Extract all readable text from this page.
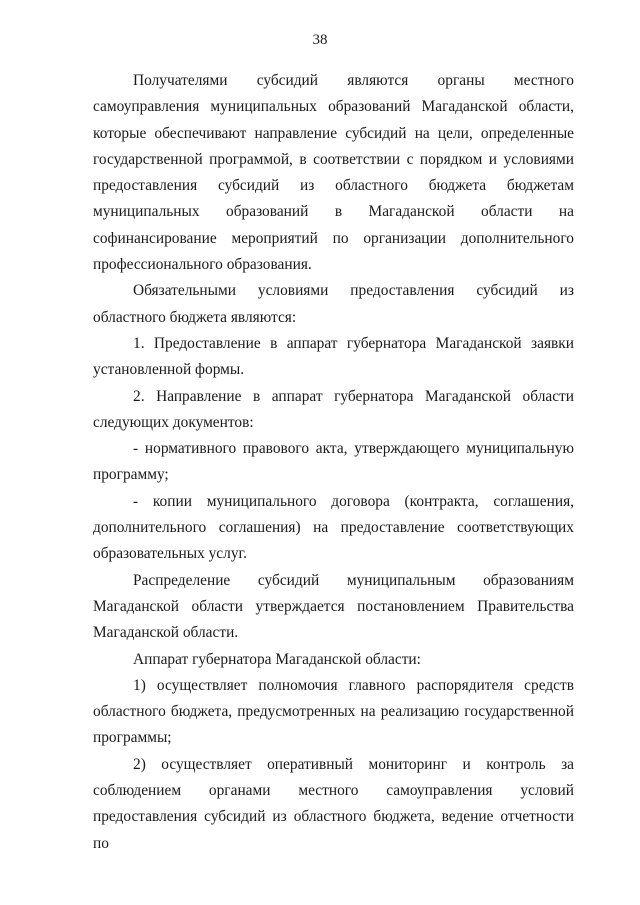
38

Получателями субсидий являются органы местного самоуправления муниципальных образований Магаданской области, которые обеспечивают направление субсидий на цели, определенные государственной программой, в соответствии с порядком и условиями предоставления субсидий из областного бюджета бюджетам муниципальных образований в Магаданской области на софинансирование мероприятий по организации дополнительного профессионального образования.

Обязательными условиями предоставления субсидий из областного бюджета являются:

1. Предоставление в аппарат губернатора Магаданской заявки установленной формы.

2. Направление в аппарат губернатора Магаданской области следующих документов:

- нормативного правового акта, утверждающего муниципальную программу;

- копии муниципального договора (контракта, соглашения, дополнительного соглашения) на предоставление соответствующих образовательных услуг.

Распределение субсидий муниципальным образованиям Магаданской области утверждается постановлением Правительства Магаданской области.

Аппарат губернатора Магаданской области:

1) осуществляет полномочия главного распорядителя средств областного бюджета, предусмотренных на реализацию государственной программы;

2) осуществляет оперативный мониторинг и контроль за соблюдением органами местного самоуправления условий предоставления субсидий из областного бюджета, ведение отчетности по
